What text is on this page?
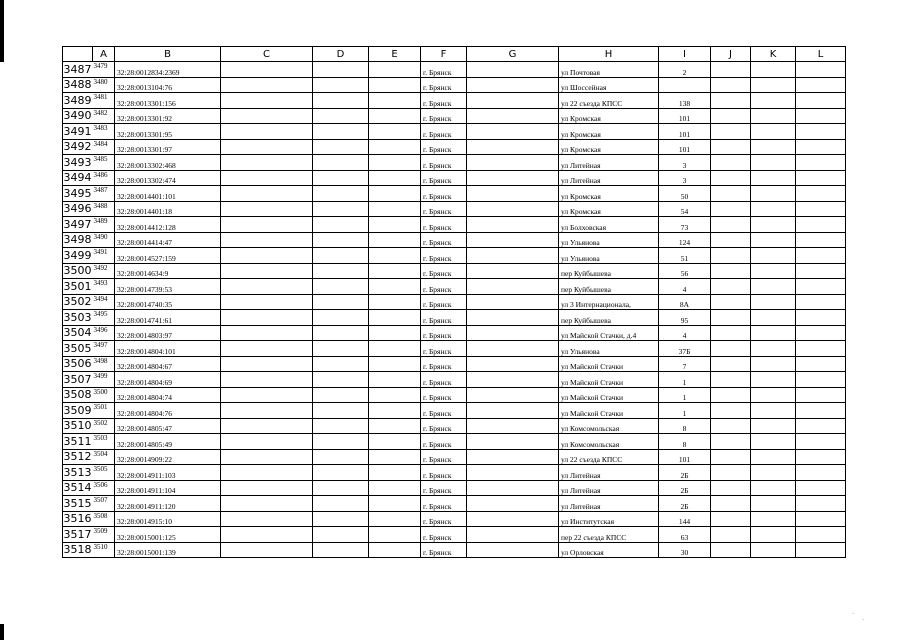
.
.
	A	B	C	D	E	F	G	H	I	J	K	L
3487	3479	32:28:0012834:2369				г. Брянск		ул Почтовая	2			
3488	3480	32:28:0013104:76				г. Брянск		ул Шоссейная				
3489	3481	32:28:0013301:156				г. Брянск		ул 22 съезда КПСС	138			
3490	3482	32:28:0013301:92				г. Брянск		ул Кромская	101			
3491	3483	32:28:0013301:95				г. Брянск		ул Кромская	101			
3492	3484	32:28:0013301:97				г. Брянск		ул Кромская	101			
3493	3485	32:28:0013302:468				г. Брянск		ул Литейная	3			
3494	3486	32:28:0013302:474				г. Брянск		ул Литейная	3			
3495	3487	32:28:0014401:101				г. Брянск		ул Кромская	50			
3496	3488	32:28:0014401:18				г. Брянск		ул Кромская	54			
3497	3489	32:28:0014412:128				г. Брянск		ул Болховская	73			
3498	3490	32:28:0014414:47				г. Брянск		ул Ульянова	124			
3499	3491	32:28:0014527:159				г. Брянск		ул Ульянова	51			
3500	3492	32:28:0014634:9				г. Брянск		пер Куйбышева	56			
3501	3493	32:28:0014739:53				г. Брянск		пер Куйбышева	4			
3502	3494	32:28:0014740:35				г. Брянск		ул 3 Интернационала,	8А			
3503	3495	32:28:0014741:61				г. Брянск		пер Куйбышева	95			
3504	3496	32:28:0014803:97				г. Брянск		ул Майской Стачки, д.4	4			
3505	3497	32:28:0014804:101				г. Брянск		ул Ульянова	37Б			
3506	3498	32:28:0014804:67				г. Брянск		ул Майской Стачки	7			
3507	3499	32:28:0014804:69				г. Брянск		ул Майской Стачки	1			
3508	3500	32:28:0014804:74				г. Брянск		ул Майской Стачки	1			
3509	3501	32:28:0014804:76				г. Брянск		ул Майской Стачки	1			
3510	3502	32:28:0014805:47				г. Брянск		ул Комсомольская	8			
3511	3503	32:28:0014805:49				г. Брянск		ул Комсомольская	8			
3512	3504	32:28:0014909:22				г. Брянск		ул 22 съезда КПСС	101			
3513	3505	32:28:0014911:103				г. Брянск		ул Литейная	2Б			
3514	3506	32:28:0014911:104				г. Брянск		ул Литейная	2Б			
3515	3507	32:28:0014911:120				г. Брянск		ул Литейная	2Б			
3516	3508	32:28:0014915:10				г. Брянск		ул Институтская	144			
3517	3509	32:28:0015001:125				г. Брянск		пер 22 съезда КПСС	63			
3518	3510	32:28:0015001:139				г. Брянск		ул Орловская	30			
